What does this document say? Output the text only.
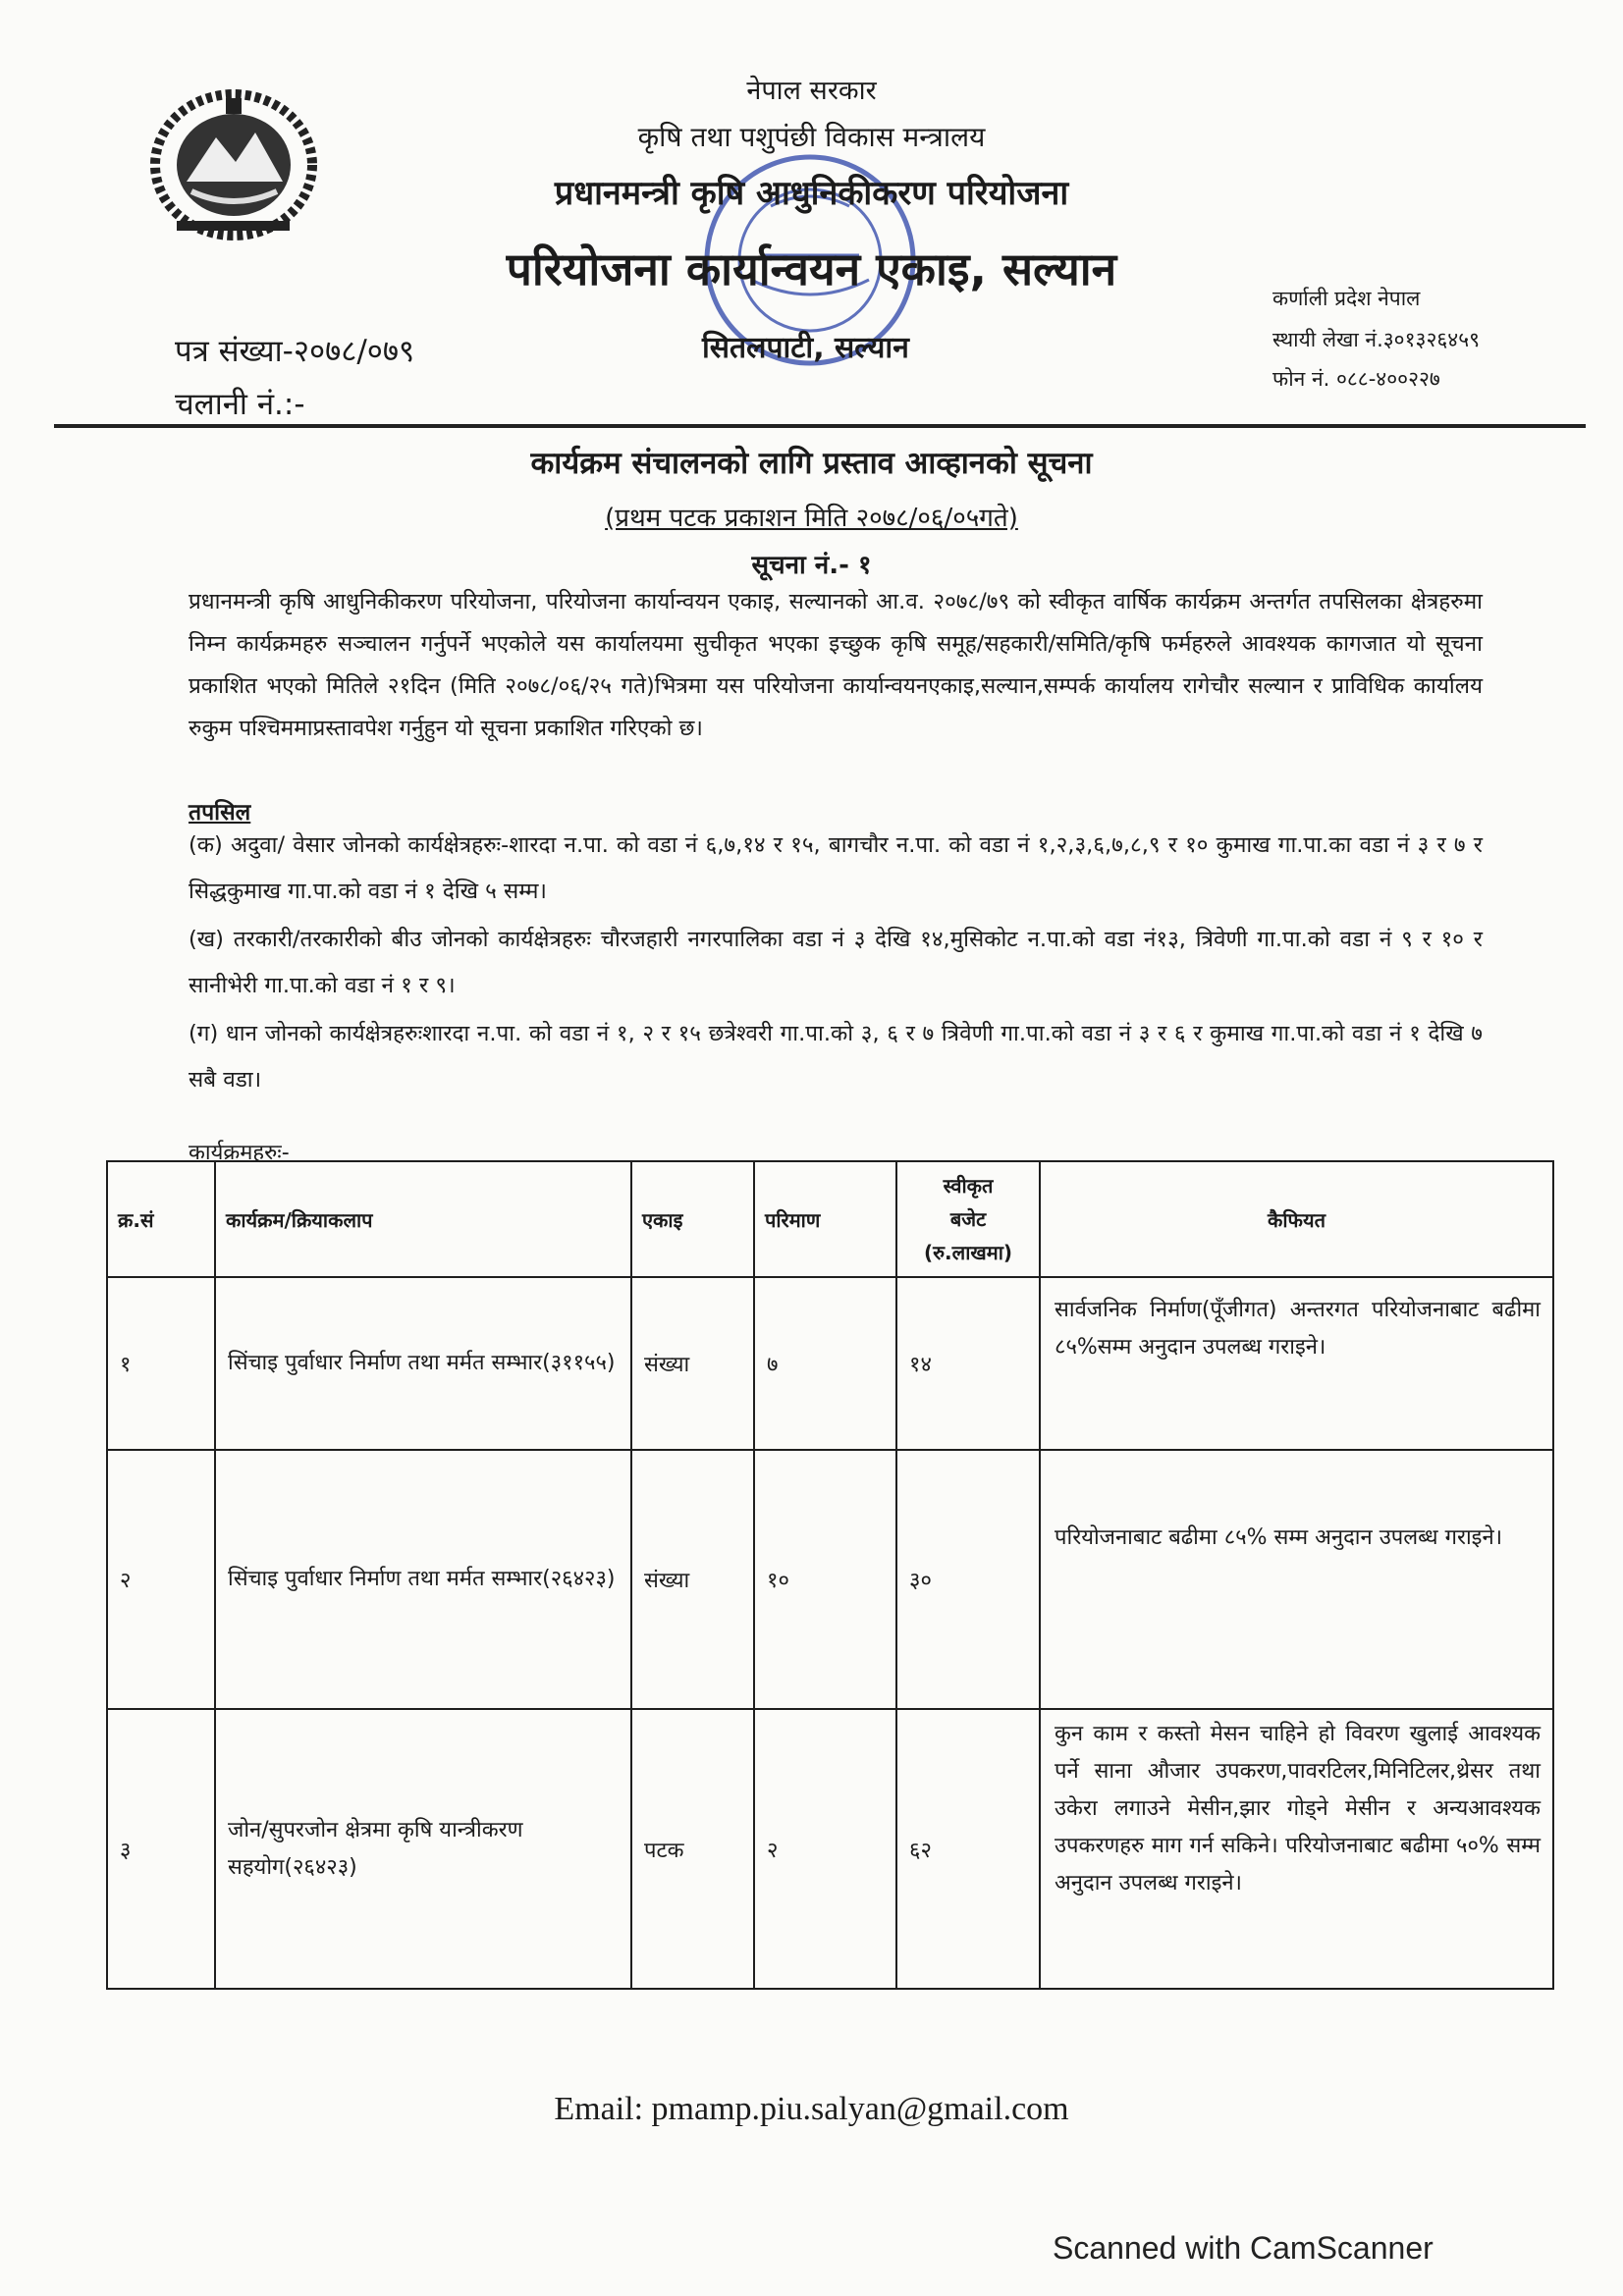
नेपाल सरकार
कृषि तथा पशुपंछी विकास मन्त्रालय
प्रधानमन्त्री कृषि आधुनिकीकरण परियोजना
परियोजना कार्यान्वयन एकाइ, सल्यान
सितलपाटी, सल्यान
पत्र संख्या-२०७८/०७९
चलानी नं.:-
कर्णाली प्रदेश नेपाल
स्थायी लेखा नं.३०१३२६४५९
फोन नं. ०८८-४००२२७
कार्यक्रम संचालनको लागि प्रस्ताव आव्हानको सूचना
(प्रथम पटक प्रकाशन मिति २०७८/०६/०५गते)
सूचना नं.- १
प्रधानमन्त्री कृषि आधुनिकीकरण परियोजना, परियोजना कार्यान्वयन एकाइ, सल्यानको आ.व. २०७८/७९ को स्वीकृत वार्षिक कार्यक्रम अन्तर्गत तपसिलका क्षेत्रहरुमा निम्न कार्यक्रमहरु सञ्चालन गर्नुपर्ने भएकोले यस कार्यालयमा सुचीकृत भएका इच्छुक कृषि समूह/सहकारी/समिति/कृषि फर्महरुले आवश्यक कागजात यो सूचना प्रकाशित भएको मितिले २१दिन (मिति २०७८/०६/२५ गते)भित्रमा यस परियोजना कार्यान्वयनएकाइ,सल्यान,सम्पर्क कार्यालय रागेचौर सल्यान र प्राविधिक कार्यालय रुकुम पश्चिममाप्रस्तावपेश गर्नुहुन यो सूचना प्रकाशित गरिएको छ।
तपसिल
(क) अदुवा/ वेसार जोनको कार्यक्षेत्रहरुः-शारदा न.पा. को वडा नं ६,७,१४ र १५, बागचौर न.पा. को वडा नं १,२,३,६,७,८,९ र १० कुमाख गा.पा.का वडा नं ३ र ७ र सिद्धकुमाख गा.पा.को वडा नं १ देखि ५ सम्म।
(ख) तरकारी/तरकारीको बीउ जोनको कार्यक्षेत्रहरुः चौरजहारी नगरपालिका वडा नं ३ देखि १४,मुसिकोट न.पा.को वडा नं१३, त्रिवेणी गा.पा.को वडा नं ९ र १० र सानीभेरी गा.पा.को वडा नं १ र ९।
(ग) धान जोनको कार्यक्षेत्रहरुःशारदा न.पा. को वडा नं १, २ र १५ छत्रेश्वरी गा.पा.को ३, ६ र ७ त्रिवेणी गा.पा.को वडा नं ३ र ६ र कुमाख गा.पा.को वडा नं १ देखि ७ सबै वडा।
कार्यक्रमहरुः-
क्र.सं	कार्यक्रम/क्रियाकलाप	एकाइ	परिमाण	स्वीकृत
बजेट
(रु.लाखमा)	कैफियत
१	सिंचाइ पुर्वाधार निर्माण तथा मर्मत सम्भार(३११५५)	संख्या	७	१४	सार्वजनिक निर्माण(पूँजीगत) अन्तरगत परियोजनाबाट बढीमा ८५%सम्म अनुदान उपलब्ध गराइने।
२	सिंचाइ पुर्वाधार निर्माण तथा मर्मत सम्भार(२६४२३)	संख्या	१०	३०	परियोजनाबाट बढीमा ८५% सम्म अनुदान उपलब्ध गराइने।
३	जोन/सुपरजोन क्षेत्रमा कृषि यान्त्रीकरण सहयोग(२६४२३)	पटक	२	६२	कुन काम र कस्तो मेसन चाहिने हो विवरण खुलाई आवश्यक पर्ने साना औजार उपकरण,पावरटिलर,मिनिटिलर,थ्रेसर तथा उकेरा लगाउने मेसीन,झार गोड्ने मेसीन र अन्यआवश्यक उपकरणहरु माग गर्न सकिने। परियोजनाबाट बढीमा ५०% सम्म अनुदान उपलब्ध गराइने।
Email: pmamp.piu.salyan@gmail.com
Scanned with CamScanner
